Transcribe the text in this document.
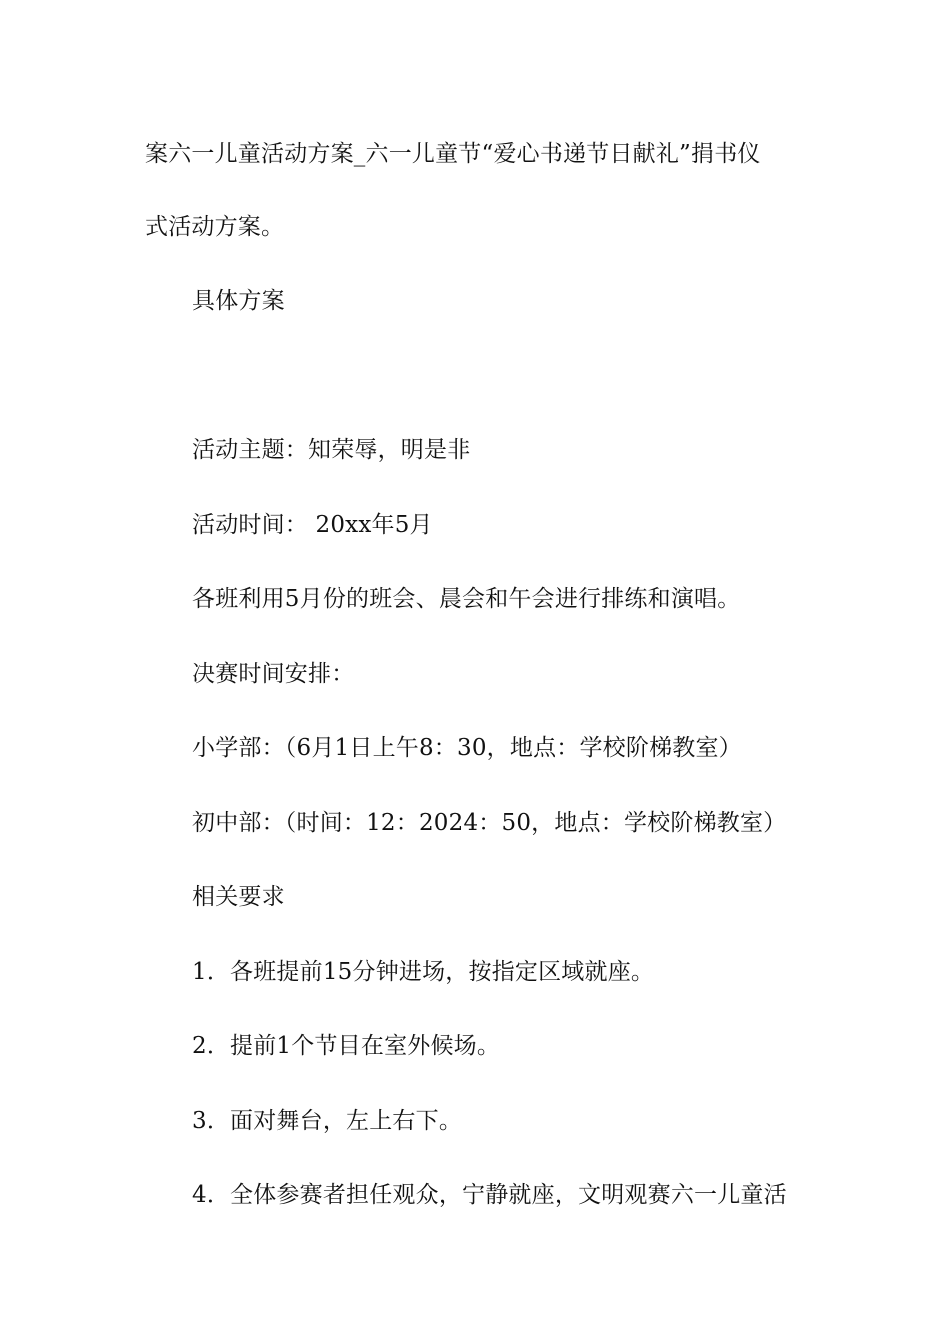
案六一儿童活动方案_六一儿童节“爱心书递节日献礼”捐书仪
式活动方案。
具体方案
活动主题：知荣辱，明是非
活动时间： 20xx年5月
各班利用5月份的班会、晨会和午会进行排练和演唱。
决赛时间安排：
小学部：（6月1日上午8：30，地点：学校阶梯教室）
初中部：（时间：12：2024：50，地点：学校阶梯教室）
相关要求
1．各班提前15分钟进场，按指定区域就座。
2．提前1个节目在室外候场。
3．面对舞台，左上右下。
4．全体参赛者担任观众，宁静就座，文明观赛六一儿童活
